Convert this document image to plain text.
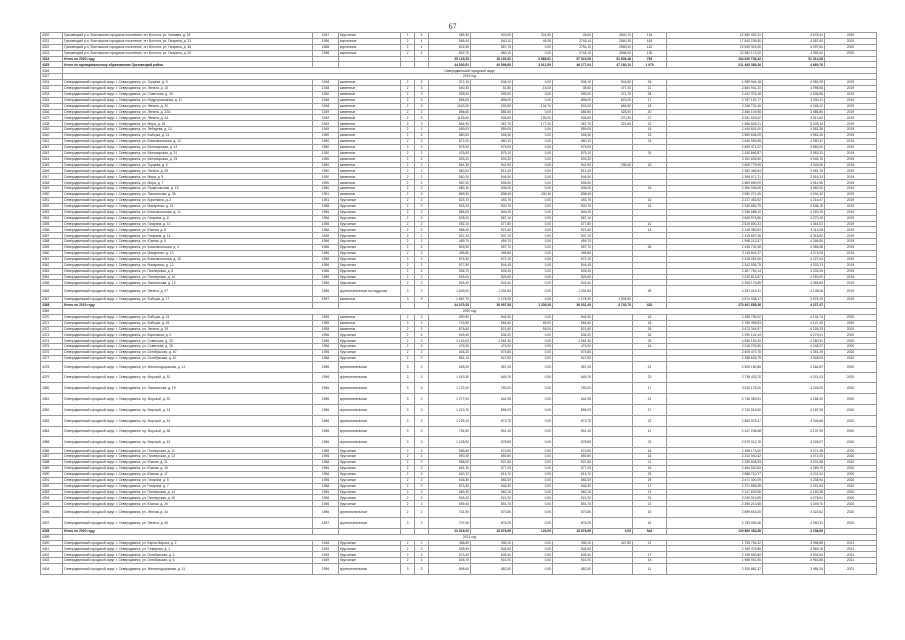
67
4320	Грязовецкий р-н, Вохтожское городское поселение, пгт Вохтога, ул. Чапаева, д. 18	1947	брусчатые	1	6	489,30	400,00	331,50	48,00	2540,70	134	22 580 392,31	4 678,41	2020
4321	Грязовецкий р-н, Вохтожское городское поселение, пгт Вохтога, ул. Гагарина, д. 31	1956	кирпичные	2	4	568,40	540,10	48,30	2745,10	2560,30	163	17 843 236,50	4 387,60	2020
4322	Грязовецкий р-н, Вохтожское городское поселение, пгт Вохтога, ул. Гагарина, д. 36	1958	кирпичные	2	4	602,50	567,70	0,00	2754,10	2580,00	142	22 549 315,06	4 297,84	2020
4323	Грязовецкий р-н, Вохтожское городское поселение, пгт Вохтога, ул. Гагарина, д. 20	1958	кирпичные	2	4	602,70	569,10	0,00	2748,10	2598,00	136	22 982 172,00	4 355,42	2020
4324	Итого по 2020 году					25 123,53	18 192,62	3 868,61	57 522,06	51 606,48	793	164 630 736,32	51 014,08	
4325	Итого по муниципальному образованию Грязовецкий район					44 530,51	40 598,65	4 012,55	46 177,04	47 180,10	1 979	311 483 385,38	4 669,76	
4326	Северодвинский городской округ													
4327	2019 год													
4331	Северодвинский городской округ, г. Северодвинск, ул. Торцева, д. 9	1948	каменные	2	2	372,10	506,10	0,00	506,10	544,80	26	1 399 946,18	3 981,09	2019
4332	Северодвинский городской округ, г. Северодвинск, ул. Ленина, д. 16	1948	каменные	2	3	540,30	51,80	15,00	38,60	477,20	21	2 664 931,20	4 998,68	2019
4333	Северодвинский городской округ, г. Северодвинск, ул. Советская, д. 33	1950	каменные	2	3	599,00	599,00	0,00	599,00	471,70	28	2 442 376,18	4 636,96	2019
4334	Северодвинский городской округ, г. Северодвинск, ул. Индустриальная, д. 11	1948	каменные	2	3	895,00	895,00	0,00	895,00	623,00	17	2 797 191,77	3 330,21	2019
4335	Северодвинский городской округ, г. Северодвинск, ул. Ленина, д. 20	1948	каменные	2	3	1043,20	933,90	104,70	903,20	684,80	18	2 346 731,49	4 246,12	2019
4336	Северодвинский городской округ, г. Северодвинск, ул. Ленина, д. 22А	1949	каменные	2	2	896,60	886,60	0,00	886,60	428,00	20	2 456 109,98	3 985,85	2019
4337	Северодвинский городской округ, г. Северодвинск, ул. Ленина, д. 24	1949	каменные	2	3	1125,60	935,60	190,00	935,60	270,30	27	3 051 625,52	4 313,62	2019
4338	Северодвинский городской округ, г. Северодвинск, ул. Мира, д. 16	1949	каменные	2	3	664,90	487,70	177,20	487,70	321,80	22	1 956 828,21	5 028,14	2019
4339	Северодвинский городской округ, г. Северодвинск, ул. Лебедева, д. 12	1949	каменные	2	2	559,00	559,00	0,00	559,00		19	2 449 601,00	3 981,38	2019
4340	Северодвинский городской округ, г. Северодвинск, ул. Бойчука, д. 14	1950	каменные	2	2	580,00	546,30	0,00	546,30		15	2 569 646,09	3 962,40	2019
4341	Северодвинский городской округ, г. Северодвинск, ул. Комсомольская, д. 13	1950	каменные	2	2	572,00	560,70	0,00	560,70		24	2 640 053,85	4 050,37	2019
4342	Северодвинский городской округ, г. Северодвинск, ул. Беломорская, д. 13	1950	каменные	2	2	575,00	575,00	0,00	575,00			2 605 371,22	3 850,00	2019
4343	Северодвинский городской округ, г. Северодвинск, ул. Беломорская, д. 31	1950	каменные	2	2	476,00	579,10	0,00	579,10		24	2 430 865,87	3 953,31	2019
4344	Северодвинский городской округ, г. Северодвинск, ул. Беломорская, д. 33	1950	каменные	2	2	503,20	503,20	0,00	503,20			2 511 605,50	3 946,76	2019
4345	Северодвинский городской округ, г. Северодвинск, ул. Торцева, д. 5	1950	каменные	2	2	581,30	542,90	0,00	542,90	296,40	15	2 605 779,99	4 043,06	2019
4346	Северодвинский городской округ, г. Северодвинск, ул. Ленина, д. 28	1950	каменные	2	2	560,00	512,40	0,00	512,40			2 383 465,84	3 981,76	2019
4347	Северодвинский городской округ, г. Северодвинск, ул. Мира, д. 5	1950	каменные	2	2	550,20	546,50	0,00	546,50			2 399 071,71	3 916,33	2019
4348	Северодвинский городской округ, г. Северодвинск, ул. Мира, д. 7	1950	каменные	2	2	587,00	548,90	0,00	548,90			2 569 690,09	3 914,96	2019
4349	Северодвинский городской округ, г. Северодвинск, ул. Профсоюзная, д. 15	1950	каменные	2	2	580,10	535,00	0,00	535,00		15	2 306 908,06	3 982,90	2019
4350	Северодвинский городской округ, г. Северодвинск, ул. Ломоносова, д. 35	1951	каменные	2	3	869,30	838,40	430,40	838,40			2 650 271,69	4 004,32	2019
4351	Северодвинский городской округ, г. Северодвинск, ул. Кирилкина, д. 2	1951	брусчатые	2	2	523,70	492,70	0,00	492,70		16	2 217 453,92	4 216,47	2019
4352	Северодвинский городской округ, г. Северодвинск, ул. Макаренко, д. 21	1956	брусчатые	2	2	503,20	500,70	0,00	500,70		16	2 340 850,75	4 536,18	2019
4353	Северодвинский городской округ, г. Северодвинск, ул. Комсомольская, д. 12	1956	брусчатые	2	2	585,00	549,40	0,00	549,40			2 336 688,10	4 253,19	2019
4354	Северодвинский городской округ, г. Северодвинск, ул. Гагарина, д. 8	1956	брусчатые	2	2	625,00	587,10	0,00	587,10			2 506 975,56	4 270,15	2019
4355	Северодвинский городской округ, г. Северодвинск, ул. Гагарина, д. 10	1956	брусчатые	2	2	592,10	577,80	0,00	577,80		42	2 519 800,23	4 361,03	2019
4356	Северодвинский городской округ, г. Северодвинск, ул. Южная, д. 8	1956	брусчатые	2	2	586,00	521,60	0,00	521,60		14	2 145 380,83	4 113,08	2019
4357	Северодвинский городской округ, г. Северодвинск, ул. Гагарина, д. 14	1956	брусчатые	2	2	537,20	537,20	0,00	537,20			2 319 897,06	4 318,52	2019
4358	Северодвинский городской округ, г. Северодвинск, ул. Южная, д. 5	1956	брусчатые	2	2	459,70	459,70	0,00	459,70			1 998 213,37	4 346,80	2019
4359	Северодвинский городской округ, г. Северодвинск, ул. Комсомольская, д. 4	1956	брусчатые	2	2	609,50	557,70	0,00	557,70		26	2 445 732,46	4 385,38	2019
4360	Северодвинский городской округ, г. Северодвинск, ул. Макаренко, д. 10	1956	брусчатые	2	2	495,80	495,80	0,00	495,80			2 118 602,27	4 273,09	2019
4361	Северодвинский городской округ, г. Северодвинск, ул. Комсомольская, д. 16	1956	брусчатые	2	2	576,50	572,10	0,00	572,10			2 418 262,06	4 227,04	2019
4362	Северодвинский городской округ, г. Северодвинск, ул. Макаренко, д. 12	1956	брусчатые	2	2	577,80	544,40	0,00	544,40			2 342 936,79	4 303,71	2019
4363	Северодвинский городской округ, г. Северодвинск, ул. Пионерская, д. 8	1956	брусчатые	2	2	536,70	545,30	0,00	545,30			2 307 760,14	4 232,09	2019
4364	Северодвинский городской округ, г. Северодвинск, ул. Пионерская, д. 10	1956	брусчатые	2	2	525,00	525,00	0,00	525,00			2 232 813,87	4 253,00	2019
4365	Северодвинский городской округ, г. Северодвинск, ул. Ломоносова, д. 12	1956	брусчатые	2	2	526,40	526,40	0,00	526,40			2 298 175,89	4 365,83	2019
4366	Северодвинский городской округ, г. Северодвинск, ул. Ленина, д. 27	1956	крупнопанельные на поддонах	3	3	1 609,00	1 034,80	0,00	1 034,80		28	4 251 016,31	4 108,06	2019
4367	Северодвинский городской округ, г. Северодвинск, ул. Бойчука, д. 17	1957	каменные	3	9	1 667,70	1 278,30	0,00	1 278,30	1 305,50		4 574 028,17	3 578,19	2019
4368	Итого по 2019 году					44 070,20	38 997,50	1 208,30	36 031,40	3 740,70	432	170 401 658,36	4 237,47	
4369	2020 год													
4370	Северодвинский городской округ, г. Северодвинск, ул. Бойчука, д. 24	1955	каменные	2	2	590,50	546,30	0,00	546,30		15	2 258 795,02	4 134,74	2020
4371	Северодвинский городской округ, г. Северодвинск, ул. Бойчука, д. 26	1955	каменные	2	2	743,50	664,60	65,00	664,60		18	2 756 399,63	4 147,45	2020
4372	Северодвинский городской округ, г. Северодвинск, ул. Ленина, д. 29	1955	каменные	2	3	876,60	821,60	55,00	821,60		26	3 472 344,97	4 226,33	2020
4373	Северодвинский городской округ, г. Северодвинск, ул. Кирилкина, д. 9	1956	брусчатые	2	2	549,40	535,20	0,00	535,20		16	2 290 124,44	4 279,01	2020
4374	Северодвинский городской округ, г. Северодвинск, ул. Советская, д. 33	1956	брусчатые	2	2	1 143,00	1 064,30	0,00	1 064,30		25	4 556 153,40	4 280,91	2020
4375	Северодвинский городской округ, г. Северодвинск, ул. Советская, д. 35	1956	брусчатые	2	2	475,00	474,60	0,00	474,60		16	2 016 229,80	4 248,27	2020
4376	Северодвинский городской округ, г. Северодвинск, ул. Октябрьская, д. 40	1956	брусчатые	2	2	646,20	575,80	0,00	575,80			2 505 470,76	4 351,29	2020
4377	Северодвинский городской округ, г. Северодвинск, ул. Октябрьская, д. 42	1956	брусчатые	2	2	581,10	547,50	0,00	547,50			2 358 625,79	4 308,00	2020
4378	Северодвинский городской округ, г. Северодвинск, ул. Железнодорожная, д. 11	1956	крупнопанельные	3	3	645,20	587,40	0,00	587,40		21	2 505 180,86	4 264,87	2020
4379	Северодвинский городской округ, г. Северодвинск, пр. Морской, д. 32	1956	крупнопанельные	3	3	1 019,30	645,70	0,00	645,70		23	2 738 433,70	4 241,03	2020
4380	Северодвинский городской округ, г. Северодвинск, ул. Ломоносова, д. 19	1956	крупнопанельные	3	3	1 722,00	760,00	0,00	760,00		17	3 226 178,00	4 245,00	2020
4381	Северодвинский городской округ, г. Северодвинск, пр. Морской, д. 20	1956	крупнопанельные	3	3	1 277,00	644,95	0,00	644,95		21	2 746 389,51	4 258,30	2020
4382	Северодвинский городской округ, г. Северодвинск, пр. Морской, д. 24	1956	крупнопанельные	3	3	1 219,70	655,00	0,00	655,00		27	2 742 515,50	4 187,05	2020
4383	Северодвинский городской округ, г. Северодвинск, пр. Морской, д. 34	1956	крупнопанельные	3	3	1 225,10	673,70	0,00	673,70		22	2 860 975,47	4 246,66	2020
4384	Северодвинский городской округ, г. Северодвинск, пр. Морской, д. 38	1956	крупнопанельные	3	3	754,50	591,40	0,00	591,40		11	2 447 206,68	4 137,99	2020
4385	Северодвинский городской округ, г. Северодвинск, пр. Морской, д. 42	1956	крупнопанельные	3	3	1 228,90	678,80	0,00	678,80		22	2 870 012,76	4 228,07	2020
4386	Северодвинский городской округ, г. Северодвинск, ул. Пионерская, д. 11	1956	брусчатые	2	2	585,60	574,80	0,00	574,80		16	2 455 173,00	4 271,35	2020
4387	Северодвинский городской округ, г. Северодвинск, ул. Пионерская, д. 13	1956	брусчатые	2	2	590,30	550,60	0,00	550,60		16	2 242 040,42	4 072,00	2020
4388	Северодвинский городской округ, г. Северодвинск, ул. Южная, д. 11	1956	брусчатые	2	2	586,00	537,80	0,00	537,80		21	2 259 608,93	4 201,58	2020
4389	Северодвинский городской округ, г. Северодвинск, ул. Южная, д. 15	1956	брусчатые	2	2	601,30	577,20	0,00	577,20		19	2 464 520,53	4 269,79	2020
4390	Северодвинский городской округ, г. Северодвинск, ул. Южная, д. 17	1956	брусчатые	2	2	620,70	614,70	0,00	614,70		15	2 588 710,77	4 211,34	2020
4391	Северодвинский городской округ, г. Северодвинск, ул. Гагарина, д. 5	1956	брусчатые	2	2	636,30	583,00	0,00	583,00		25	2 471 300,09	4 238,94	2020
4392	Северодвинский городской округ, г. Северодвинск, ул. Гагарина, д. 7	1956	брусчатые	2	2	573,30	546,30	0,00	546,30		17	2 371 855,99	4 341,64	2020
4393	Северодвинский городской округ, г. Северодвинск, ул. Пионерская, д. 14	1956	брусчатые	2	2	589,30	582,10	0,00	582,10		21	2 417 633,98	4 153,38	2020
4394	Северодвинский городской округ, г. Северодвинск, ул. Пионерская, д. 16	1956	брусчатые	2	2	526,20	521,20	0,00	521,20		31	2 230 013,89	4 278,61	2020
4395	Северодвинский городской округ, г. Северодвинск, ул. Южная, д. 19	1956	брусчатые	2	2	599,40	591,70	0,00	591,70		21	2 396 210,58	4 049,70	2020
4396	Северодвинский городской округ, г. Северодвинск, ул. Лесная, д. 44	1956	крупнопанельные	2	2	741,50	670,80	0,00	670,80		16	2 899 616,00	4 322,62	2020
4397	Северодвинский городской округ, г. Северодвинск, ул. Ленина, д. 45	1957	крупнопанельные	3	3	707,60	676,20	0,00	676,20		16	2 759 090,46	4 080,31	2020
4398	Итого по 2020 году					23 518,00	16 576,80	120,00	16 576,80	0,00	544	129 860 383,58	4 238,69	
4399	2021 год													
4400	Северодвинский городской округ, г. Северодвинск, ул. Карла Маркса, д. 2	1948	брусчатые	2	2	468,60	395,10	0,00	395,10	447,80	21	1 755 794,22	3 996,85	2021
4401	Северодвинский городской округ, г. Северодвинск, ул. Северная, д. 1	1949	брусчатые	2	2	535,50	546,60	0,00	546,60			2 169 475,86	3 969,16	2021
4402	Северодвинский городской округ, г. Северодвинск, ул. Октябрьская, д. 4	1949	брусчатые	2	2	573,20	535,40	0,00	535,40		17	2 105 550,85	3 932,64	2021
4403	Северодвинский городской округ, г. Северодвинск, ул. Октябрьская, д. 6	1949	брусчатые	2	2	526,70	501,00	0,00	501,00		15	1 985 901,55	3 963,88	2021
4404	Северодвинский городской округ, г. Северодвинск, ул. Железнодорожная, д. 11	1956	крупнопанельные	3	3	898,60	582,50	0,00	582,50		11	2 320 881,37	3 984,34	2021
